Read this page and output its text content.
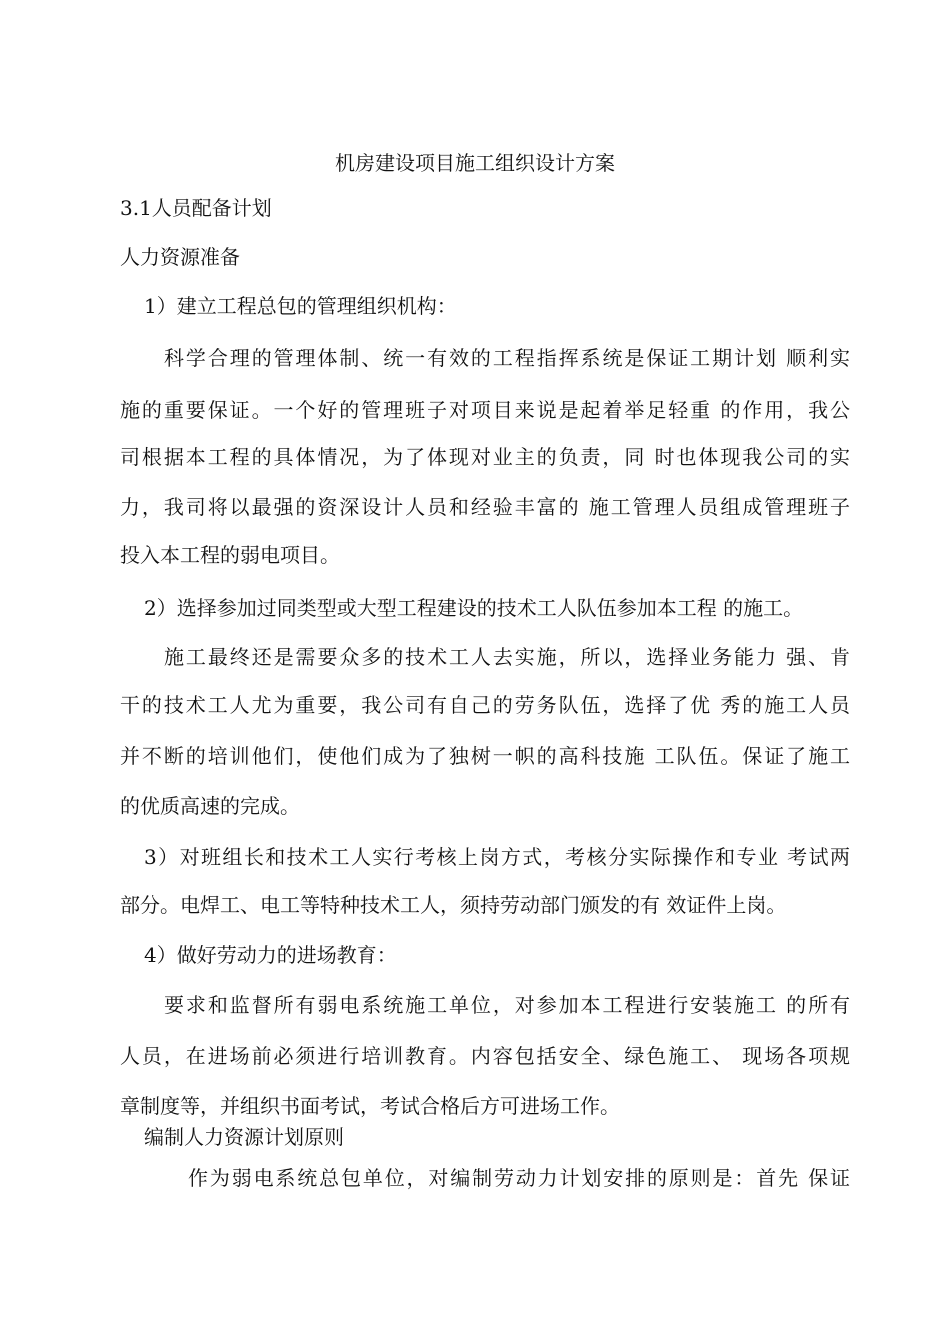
机房建设项目施工组织设计方案
3.1人员配备计划
人力资源准备
1）建立工程总包的管理组织机构：
科学合理的管理体制、统一有效的工程指挥系统是保证工期计划 顺利实
施的重要保证。一个好的管理班子对项目来说是起着举足轻重 的作用，我公
司根据本工程的具体情况，为了体现对业主的负责，同 时也体现我公司的实
力，我司将以最强的资深设计人员和经验丰富的 施工管理人员组成管理班子
投入本工程的弱电项目。
2）选择参加过同类型或大型工程建设的技术工人队伍参加本工程 的施工。
施工最终还是需要众多的技术工人去实施，所以，选择业务能力 强、肯
干的技术工人尤为重要，我公司有自己的劳务队伍，选择了优 秀的施工人员
并不断的培训他们，使他们成为了独树一帜的高科技施 工队伍。保证了施工
的优质高速的完成。
3）对班组长和技术工人实行考核上岗方式，考核分实际操作和专业 考试两
部分。电焊工、电工等特种技术工人，须持劳动部门颁发的有 效证件上岗。
4）做好劳动力的进场教育：
要求和监督所有弱电系统施工单位，对参加本工程进行安装施工 的所有
人员，在进场前必须进行培训教育。内容包括安全、绿色施工、 现场各项规
章制度等，并组织书面考试，考试合格后方可进场工作。
编制人力资源计划原则
作为弱电系统总包单位，对编制劳动力计划安排的原则是：首先 保证
